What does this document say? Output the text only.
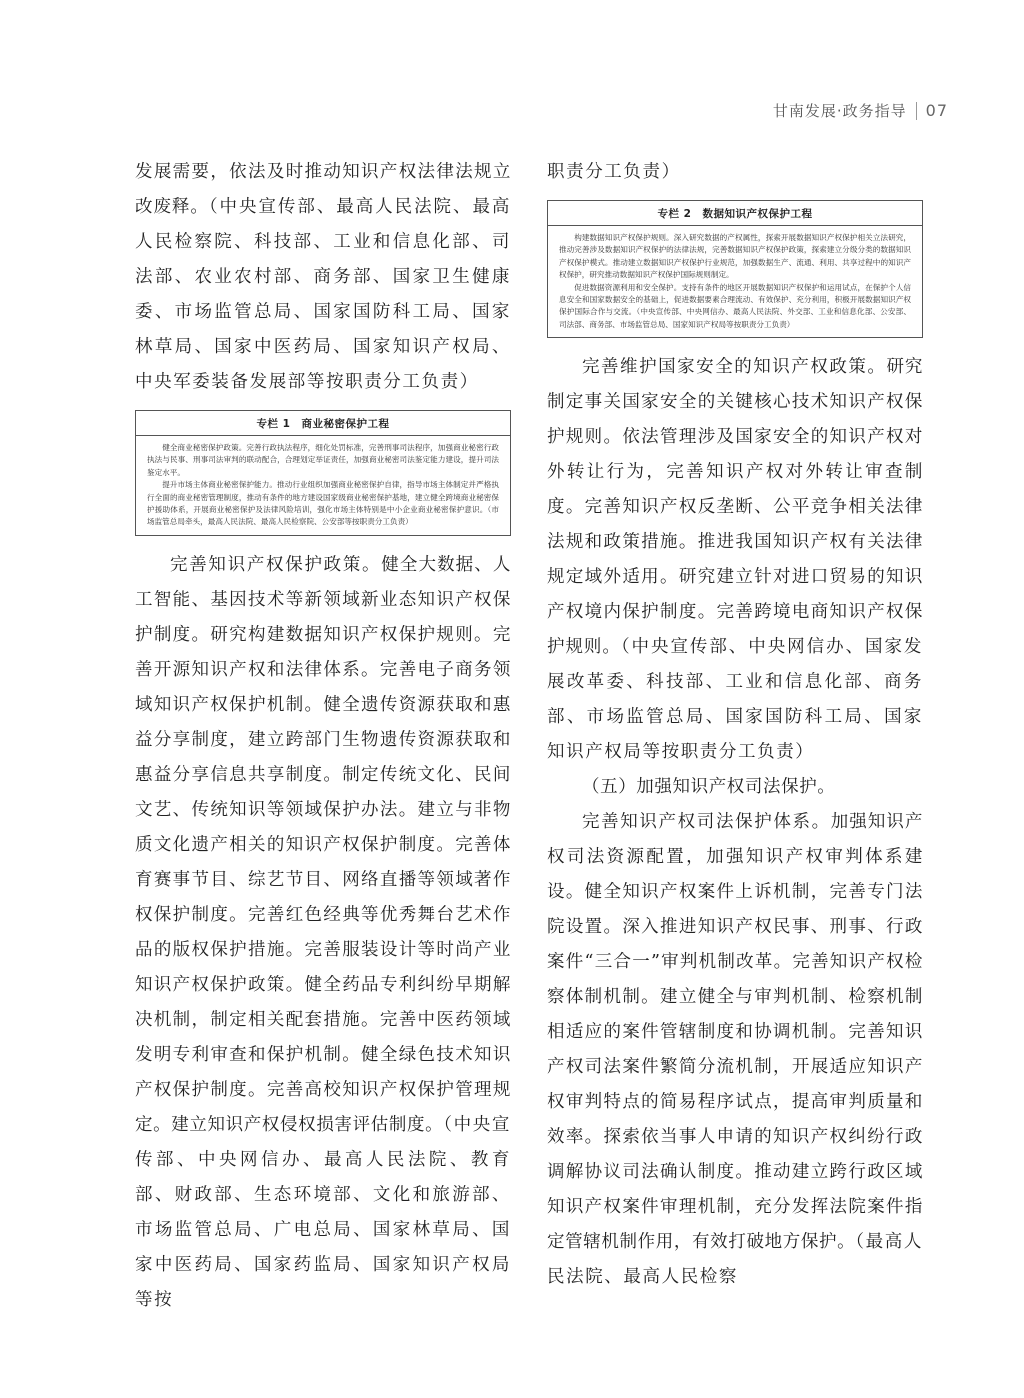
甘南发展·政务指导 07

发展需要，依法及时推动知识产权法律法规立改废释。（中央宣传部、最高人民法院、最高人民检察院、科技部、工业和信息化部、司法部、农业农村部、商务部、国家卫生健康委、市场监管总局、国家国防科工局、国家林草局、国家中医药局、国家知识产权局、中央军委装备发展部等按职责分工负责）

专栏 1　商业秘密保护工程

健全商业秘密保护政策。完善行政执法程序，细化处罚标准，完善刑事司法程序，加强商业秘密行政执法与民事、刑事司法审判的联动配合，合理划定举证责任，加强商业秘密司法鉴定能力建设，提升司法鉴定水平。

提升市场主体商业秘密保护能力。推动行业组织加强商业秘密保护自律，指导市场主体制定并严格执行全面的商业秘密管理制度，推动有条件的地方建设国家级商业秘密保护基地，建立健全跨境商业秘密保护援助体系，开展商业秘密保护及法律风险培训，强化市场主体特别是中小企业商业秘密保护意识。（市场监管总局牵头，最高人民法院、最高人民检察院、公安部等按职责分工负责）

完善知识产权保护政策。健全大数据、人工智能、基因技术等新领域新业态知识产权保护制度。研究构建数据知识产权保护规则。完善开源知识产权和法律体系。完善电子商务领域知识产权保护机制。健全遗传资源获取和惠益分享制度，建立跨部门生物遗传资源获取和惠益分享信息共享制度。制定传统文化、民间文艺、传统知识等领域保护办法。建立与非物质文化遗产相关的知识产权保护制度。完善体育赛事节目、综艺节目、网络直播等领域著作权保护制度。完善红色经典等优秀舞台艺术作品的版权保护措施。完善服装设计等时尚产业知识产权保护政策。健全药品专利纠纷早期解决机制，制定相关配套措施。完善中医药领域发明专利审查和保护机制。健全绿色技术知识产权保护制度。完善高校知识产权保护管理规定。建立知识产权侵权损害评估制度。（中央宣传部、中央网信办、最高人民法院、教育部、财政部、生态环境部、文化和旅游部、市场监管总局、广电总局、国家林草局、国家中医药局、国家药监局、国家知识产权局等按

职责分工负责）

专栏 2　数据知识产权保护工程

构建数据知识产权保护规则。深入研究数据的产权属性，探索开展数据知识产权保护相关立法研究，推动完善涉及数据知识产权保护的法律法规，完善数据知识产权保护政策，探索建立分级分类的数据知识产权保护模式。推动建立数据知识产权保护行业规范，加强数据生产、流通、利用、共享过程中的知识产权保护，研究推动数据知识产权保护国际规则制定。

促进数据资源利用和安全保护。支持有条件的地区开展数据知识产权保护和运用试点，在保护个人信息安全和国家数据安全的基础上，促进数据要素合理流动、有效保护、充分利用，积极开展数据知识产权保护国际合作与交流。（中央宣传部、中央网信办、最高人民法院、外交部、工业和信息化部、公安部、司法部、商务部、市场监管总局、国家知识产权局等按职责分工负责）

完善维护国家安全的知识产权政策。研究制定事关国家安全的关键核心技术知识产权保护规则。依法管理涉及国家安全的知识产权对外转让行为，完善知识产权对外转让审查制度。完善知识产权反垄断、公平竞争相关法律法规和政策措施。推进我国知识产权有关法律规定域外适用。研究建立针对进口贸易的知识产权境内保护制度。完善跨境电商知识产权保护规则。（中央宣传部、中央网信办、国家发展改革委、科技部、工业和信息化部、商务部、市场监管总局、国家国防科工局、国家知识产权局等按职责分工负责）

（五）加强知识产权司法保护。

完善知识产权司法保护体系。加强知识产权司法资源配置，加强知识产权审判体系建设。健全知识产权案件上诉机制，完善专门法院设置。深入推进知识产权民事、刑事、行政案件“三合一”审判机制改革。完善知识产权检察体制机制。建立健全与审判机制、检察机制相适应的案件管辖制度和协调机制。完善知识产权司法案件繁简分流机制，开展适应知识产权审判特点的简易程序试点，提高审判质量和效率。探索依当事人申请的知识产权纠纷行政调解协议司法确认制度。推动建立跨行政区域知识产权案件审理机制，充分发挥法院案件指定管辖机制作用，有效打破地方保护。（最高人民法院、最高人民检察
